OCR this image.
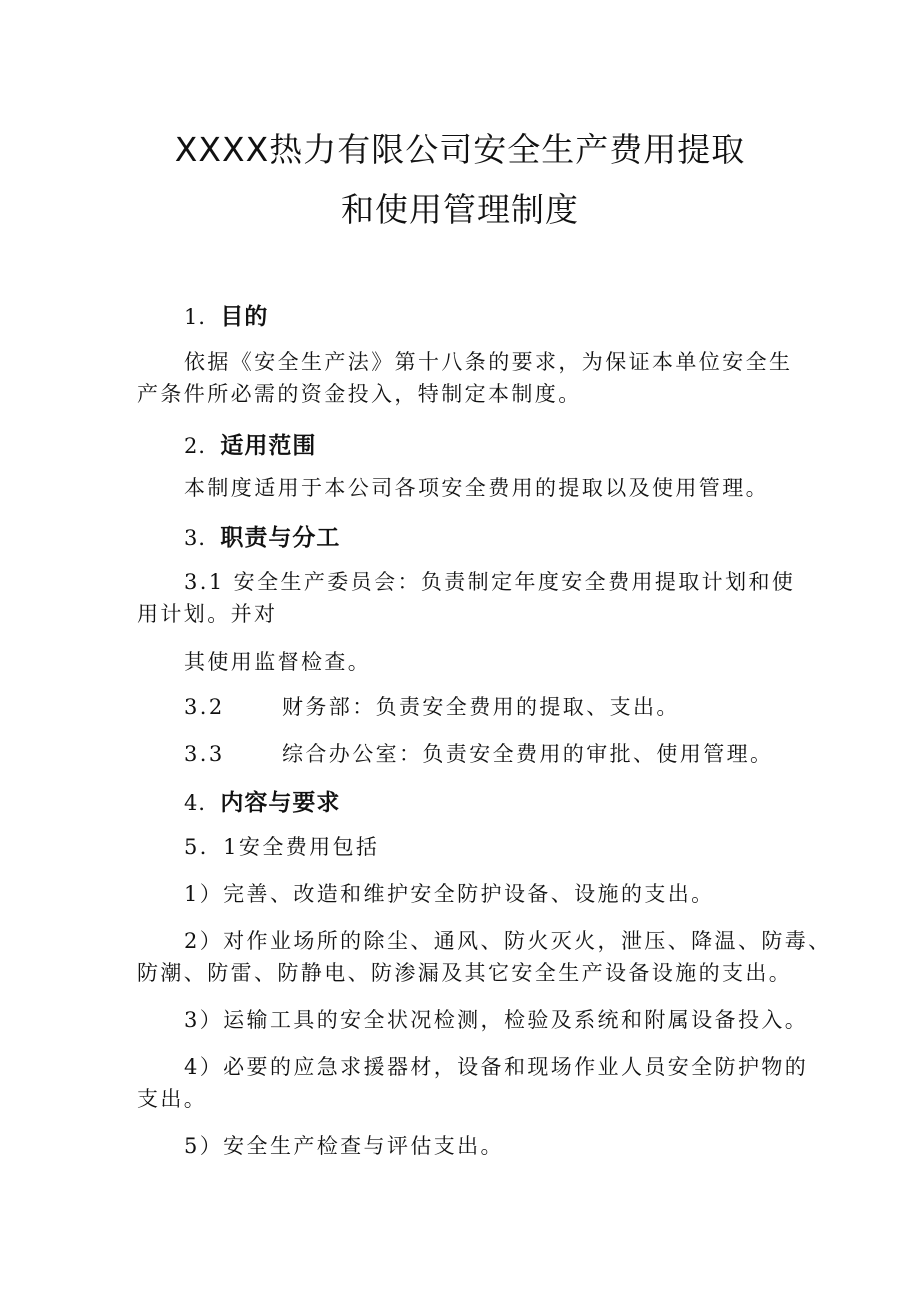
XXXX热力有限公司安全生产费用提取
和使用管理制度
1．目的
依据《安全生产法》第十八条的要求，为保证本单位安全生
产条件所必需的资金投入，特制定本制度。
2．适用范围
本制度适用于本公司各项安全费用的提取以及使用管理。
3．职责与分工
3.1 安全生产委员会：负责制定年度安全费用提取计划和使
用计划。并对
其使用监督检查。
3.2	财务部：负责安全费用的提取、支出。
3.3	综合办公室：负责安全费用的审批、使用管理。
4．内容与要求
5．1安全费用包括
1）完善、改造和维护安全防护设备、设施的支出。
2）对作业场所的除尘、通风、防火灭火，泄压、降温、防毒、
防潮、防雷、防静电、防渗漏及其它安全生产设备设施的支出。
3）运输工具的安全状况检测，检验及系统和附属设备投入。
4）必要的应急求援器材，设备和现场作业人员安全防护物的
支出。
5）安全生产检查与评估支出。
